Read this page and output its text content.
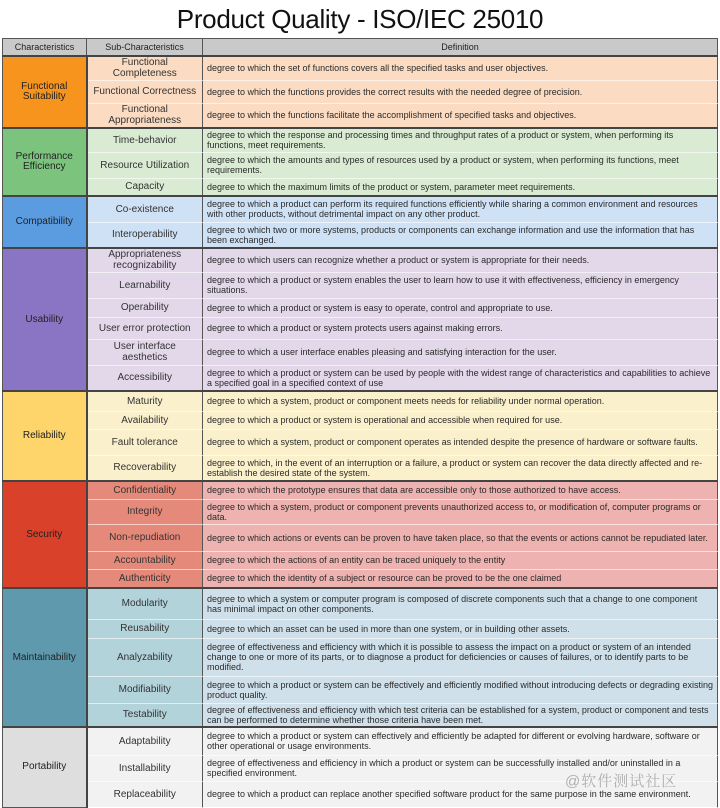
Product Quality - ISO/IEC 25010
Characteristics	Sub-Characteristics	Definition
Functional Suitability	Functional Completeness	degree to which the set of functions covers all the specified tasks and user objectives.
	Functional Correctness	degree to which the functions provides the correct results with the needed degree of precision.
	Functional Appropriateness	degree to which the functions facilitate the accomplishment of specified tasks and objectives.
Performance Efficiency	Time-behavior	degree to which the response and processing times and throughput rates of a product or system, when performing its functions, meet requirements.
	Resource Utilization	degree to which the amounts and types of resources used by a product or system, when performing its functions, meet requirements.
	Capacity	degree to which the maximum limits of the product or system, parameter meet requirements.
Compatibility	Co-existence	degree to which a product can perform its required functions efficiently while sharing a common environment and resources with other products, without detrimental impact on any other product.
	Interoperability	degree to which two or more systems, products or components can exchange information and use the information that has been exchanged.
Usability	Appropriateness recognizability	degree to which users can recognize whether a product or system is appropriate for their needs.
	Learnability	degree to which a product or system enables the user to learn how to use it with effectiveness, efficiency in emergency situations.
	Operability	degree to which a product or system is easy to operate, control and appropriate to use.
	User error protection	degree to which a product or system protects users against making errors.
	User interface aesthetics	degree to which a user interface enables pleasing and satisfying interaction for the user.
	Accessibility	degree to which a product or system can be used by people with the widest range of characteristics and capabilities to achieve a specified goal in a specified context of use
Reliability	Maturity	degree to which a system, product or component meets needs for reliability under normal operation.
	Availability	degree to which a product or system is operational and accessible when required for use.
	Fault tolerance	degree to which a system, product or component operates as intended despite the presence of hardware or software faults.
	Recoverability	degree to which, in the event of an interruption or a failure, a product or system can recover the data directly affected and re-establish the desired state of the system.
Security	Confidentiality	degree to which the prototype ensures that data are accessible only to those authorized to have access.
	Integrity	degree to which a system, product or component prevents unauthorized access to, or modification of, computer programs or data.
	Non-repudiation	degree to which actions or events can be proven to have taken place, so that the events or actions cannot be repudiated later.
	Accountability	degree to which the actions of an entity can be traced uniquely to the entity
	Authenticity	degree to which the identity of a subject or resource can be proved to be the one claimed
Maintainability	Modularity	degree to which a system or computer program is composed of discrete components such that a change to one component has minimal impact on other components.
	Reusability	degree to which an asset can be used in more than one system, or in building other assets.
	Analyzability	degree of effectiveness and efficiency with which it is possible to assess the impact on a product or system of an intended change to one or more of its parts, or to diagnose a product for deficiencies or causes of failures, or to identify parts to be modified.
	Modifiability	degree to which a product or system can be effectively and efficiently modified without introducing defects or degrading existing product quality.
	Testability	degree of effectiveness and efficiency with which test criteria can be established for a system, product or component and tests can be performed to determine whether those criteria have been met.
Portability	Adaptability	degree to which a product or system can effectively and efficiently be adapted for different or evolving hardware, software or other operational or usage environments.
	Installability	degree of effectiveness and efficiency in which a product or system can be successfully installed and/or uninstalled in a specified environment.
	Replaceability	degree to which a product can replace another specified software product for the same purpose in the same environment.
@软件测试社区
